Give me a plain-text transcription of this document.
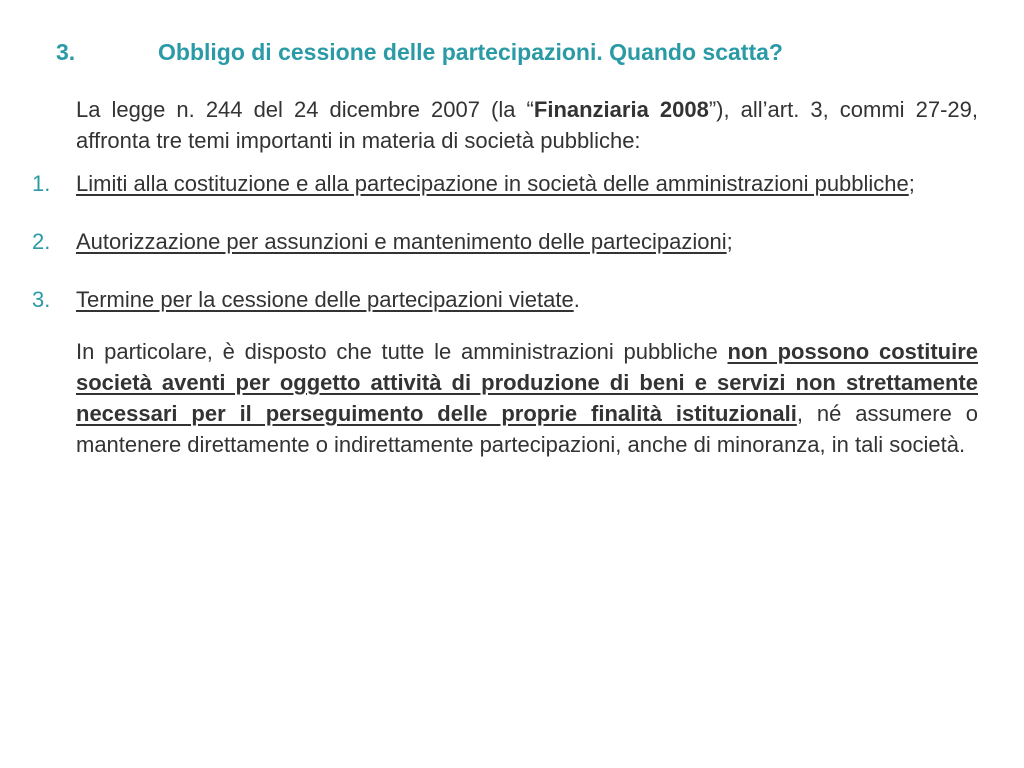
3.	Obbligo di cessione delle partecipazioni. Quando scatta?

La legge n. 244 del 24 dicembre 2007 (la “Finanziaria 2008”), all’art. 3, commi 27-29, affronta tre temi importanti in materia di società pubbliche:

1. Limiti alla costituzione e alla partecipazione in società delle amministrazioni pubbliche;
2. Autorizzazione per assunzioni e mantenimento delle partecipazioni;
3. Termine per la cessione delle partecipazioni vietate.

In particolare, è disposto che tutte le amministrazioni pubbliche non possono costituire società aventi per oggetto attività di produzione di beni e servizi non strettamente necessari per il perseguimento delle proprie finalità istituzionali, né assumere o mantenere direttamente o indirettamente partecipazioni, anche di minoranza, in tali società.
